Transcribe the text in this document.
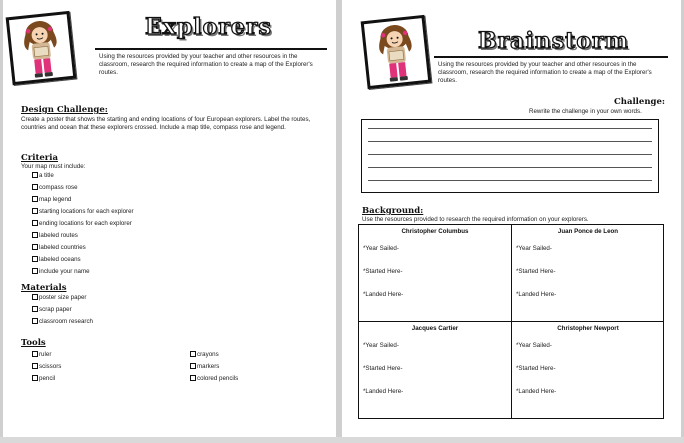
Explorers
Using the resources provided by your teacher and other resources in the classroom, research the required information to create a map of the Explorer's routes.
Design Challenge:
Create a poster that shows the starting and ending locations of four European explorers. Label the routes, countries and ocean that these explorers crossed. Include a map title, compass rose and legend.
Criteria
Your map must include:
a title
compass rose
map legend
starting locations for each explorer
ending locations for each explorer
labeled routes
labeled countries
labeled oceans
include your name
Materials
poster size paper
scrap paper
classroom research
Tools
ruler
scissors
pencil
crayons
markers
colored pencils
Brainstorm
Using the resources provided by your teacher and other resources in the classroom, research the required information to create a map of the Explorer's routes.
Challenge:
Rewrite the challenge in your own words.
Background:
Use the resources provided to research the required information on your explorers.
Christopher Columbus
*Year Sailed-
*Started Here-
*Landed Here-
Juan Ponce de Leon
*Year Sailed-
*Started Here-
*Landed Here-
Jacques Cartier
*Year Sailed-
*Started Here-
*Landed Here-
Christopher Newport
*Year Sailed-
*Started Here-
*Landed Here-
